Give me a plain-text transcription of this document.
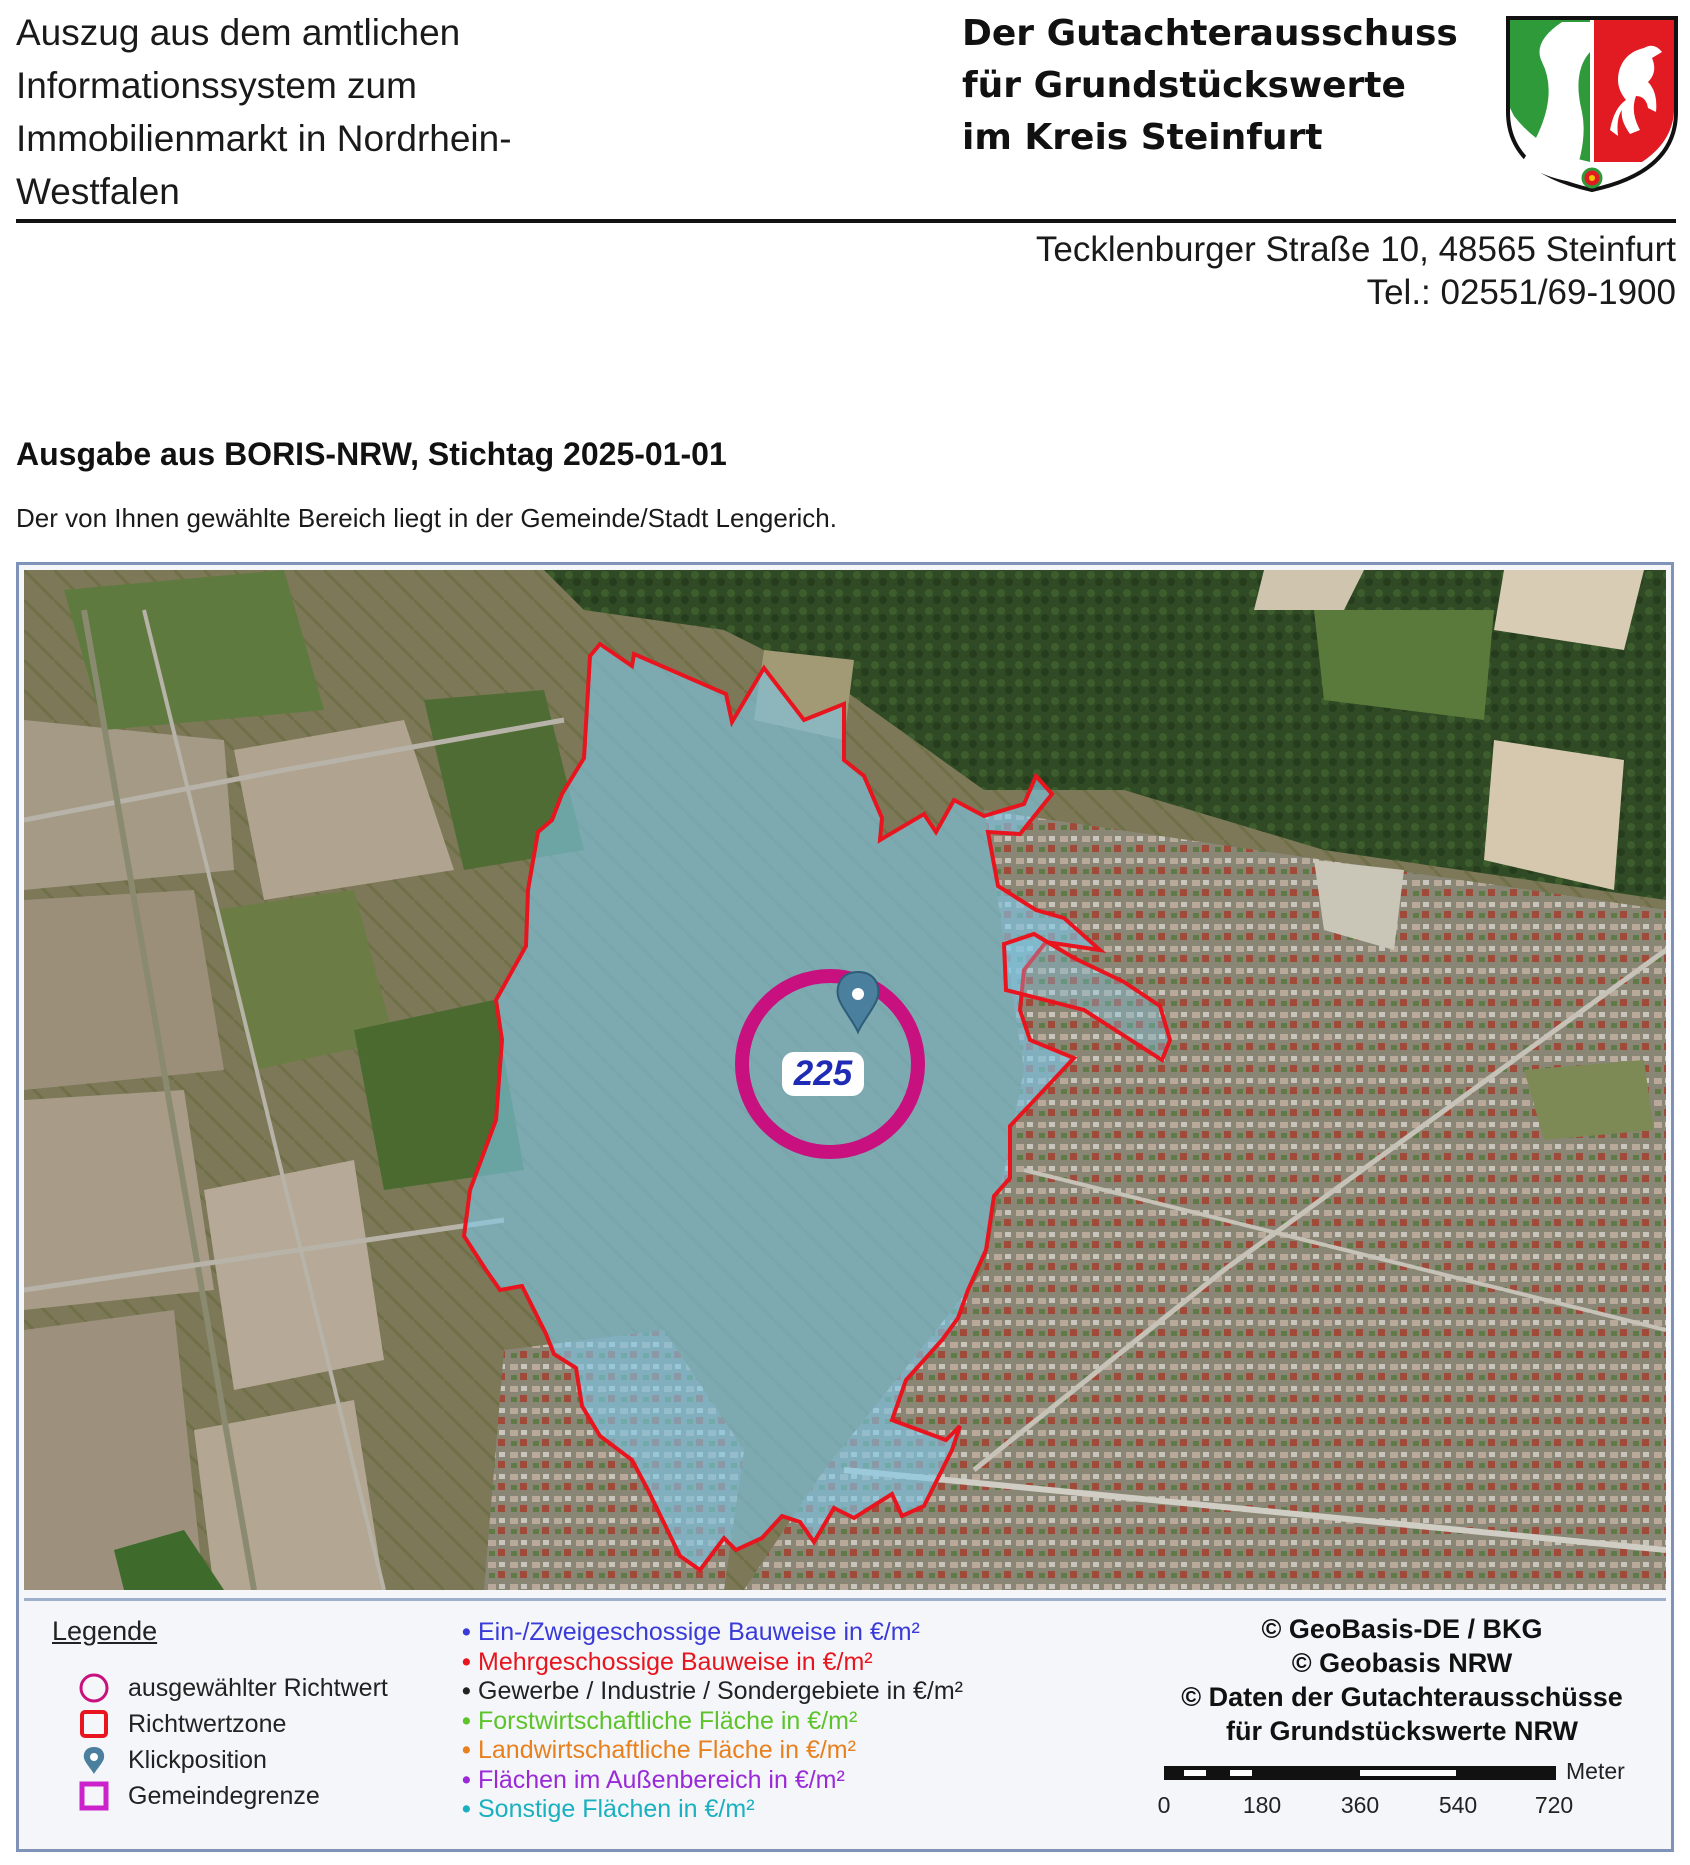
Auszug aus dem amtlichen
Informationssystem zum
Immobilienmarkt in Nordrhein-
Westfalen
Der Gutachterausschuss
für Grundstückswerte
im Kreis Steinfurt
Tecklenburger Straße 10, 48565 Steinfurt
Tel.: 02551/69-1900
Ausgabe aus BORIS-NRW, Stichtag 2025-01-01
Der von Ihnen gewählte Bereich liegt in der Gemeinde/Stadt Lengerich.
225
Legende
ausgewählter Richtwert
Richtwertzone
Klickposition
Gemeindegrenze
• Ein-/Zweigeschossige Bauweise in €/m²
• Mehrgeschossige Bauweise in €/m²
• Gewerbe / Industrie / Sondergebiete in €/m²
• Forstwirtschaftliche Fläche in €/m²
• Landwirtschaftliche Fläche in €/m²
• Flächen im Außenbereich in €/m²
• Sonstige Flächen in €/m²
© GeoBasis-DE / BKG
© Geobasis NRW
© Daten der Gutachterausschüsse
für Grundstückswerte NRW
Meter
0	180	360	540	720
